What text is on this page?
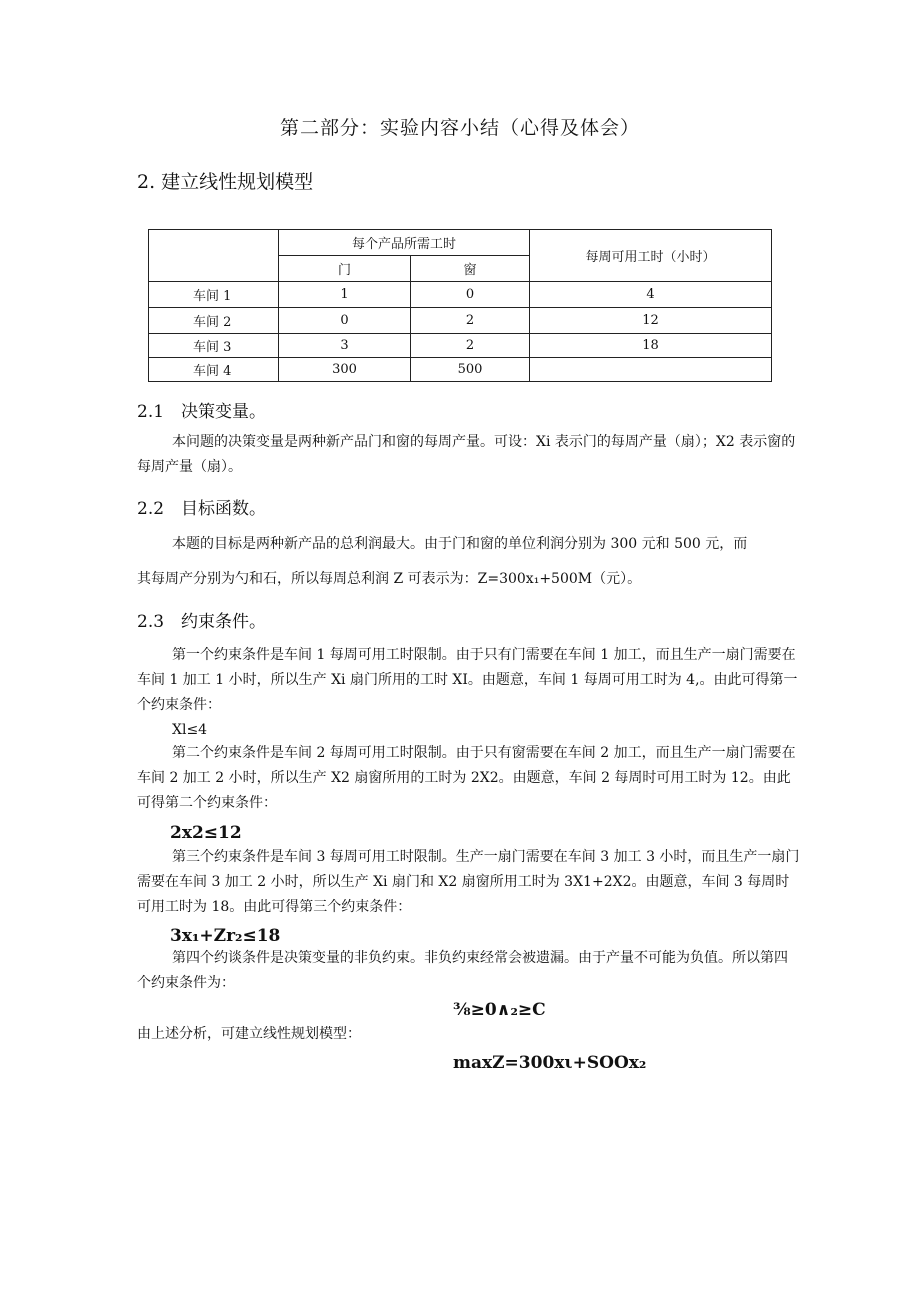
第二部分：实验内容小结（心得及体会）
2. 建立线性规划模型
	每个产品所需工时		每周可用工时（小时）
	门	窗	
车间 1	1	0	4
车间 2	0	2	12
车间 3	3	2	18
车间 4	300	500	
2.1 决策变量。
本问题的决策变量是两种新产品门和窗的每周产量。可设：Xi 表示门的每周产量（扇）；X2 表示窗的每周产量（扇）。
2.2 目标函数。
本题的目标是两种新产品的总利润最大。由于门和窗的单位利润分别为 300 元和 500 元，而
其每周产分别为勺和石，所以每周总利润 Z 可表示为：Z=300x₁+500M（元）。
2.3 约束条件。
第一个约束条件是车间 1 每周可用工时限制。由于只有门需要在车间 1 加工，而且生产一扇门需要在车间 1 加工 1 小时，所以生产 Xi 扇门所用的工时 XI。由题意，车间 1 每周可用工时为 4,。由此可得第一个约束条件：
Xl≤4
第二个约束条件是车间 2 每周可用工时限制。由于只有窗需要在车间 2 加工，而且生产一扇门需要在车间 2 加工 2 小时，所以生产 X2 扇窗所用的工时为 2X2。由题意，车间 2 每周时可用工时为 12。由此可得第二个约束条件：
2x2≤12
第三个约束条件是车间 3 每周可用工时限制。生产一扇门需要在车间 3 加工 3 小时，而且生产一扇门需要在车间 3 加工 2 小时，所以生产 Xi 扇门和 X2 扇窗所用工时为 3X1+2X2。由题意，车间 3 每周时可用工时为 18。由此可得第三个约束条件：
3x₁+Zr₂≤18
第四个约谈条件是决策变量的非负约束。非负约束经常会被遗漏。由于产量不可能为负值。所以第四个约束条件为：
⅜≥0∧₂≥C
由上述分析，可建立线性规划模型：
maxZ=300xι+SOOx₂
